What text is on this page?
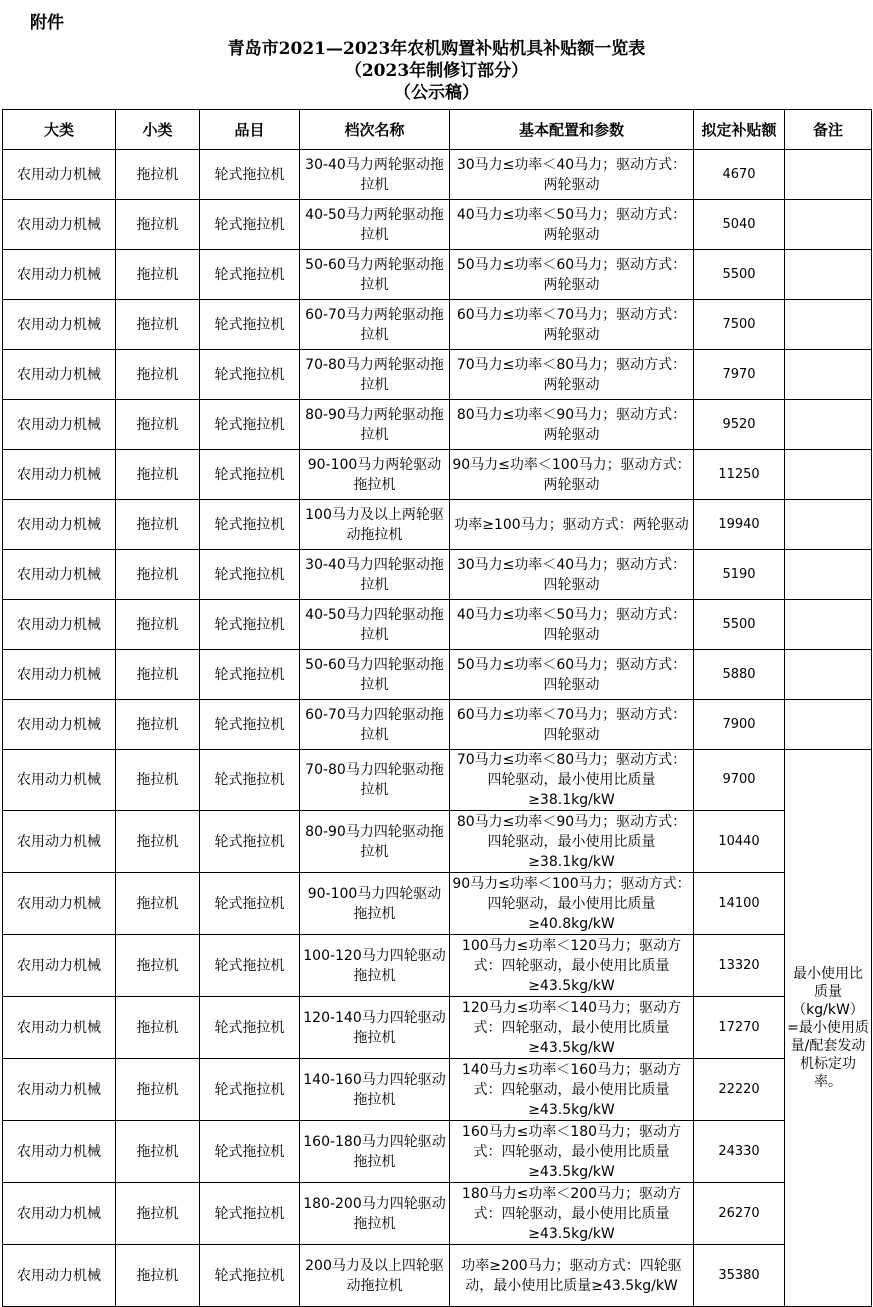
附件
青岛市2021—2023年农机购置补贴机具补贴额一览表
（2023年制修订部分）
（公示稿）
大类	小类	品目	档次名称	基本配置和参数	拟定补贴额	备注
农用动力机械	拖拉机	轮式拖拉机	30-40马力两轮驱动拖拉机	30马力≤功率＜40马力；驱动方式：两轮驱动	4670	
农用动力机械	拖拉机	轮式拖拉机	40-50马力两轮驱动拖拉机	40马力≤功率＜50马力；驱动方式：两轮驱动	5040	
农用动力机械	拖拉机	轮式拖拉机	50-60马力两轮驱动拖拉机	50马力≤功率＜60马力；驱动方式：两轮驱动	5500	
农用动力机械	拖拉机	轮式拖拉机	60-70马力两轮驱动拖拉机	60马力≤功率＜70马力；驱动方式：两轮驱动	7500	
农用动力机械	拖拉机	轮式拖拉机	70-80马力两轮驱动拖拉机	70马力≤功率＜80马力；驱动方式：两轮驱动	7970	
农用动力机械	拖拉机	轮式拖拉机	80-90马力两轮驱动拖拉机	80马力≤功率＜90马力；驱动方式：两轮驱动	9520	
农用动力机械	拖拉机	轮式拖拉机	90-100马力两轮驱动拖拉机	90马力≤功率＜100马力；驱动方式：两轮驱动	11250	
农用动力机械	拖拉机	轮式拖拉机	100马力及以上两轮驱动拖拉机	功率≥100马力；驱动方式：两轮驱动	19940	
农用动力机械	拖拉机	轮式拖拉机	30-40马力四轮驱动拖拉机	30马力≤功率＜40马力；驱动方式：四轮驱动	5190	
农用动力机械	拖拉机	轮式拖拉机	40-50马力四轮驱动拖拉机	40马力≤功率＜50马力；驱动方式：四轮驱动	5500	
农用动力机械	拖拉机	轮式拖拉机	50-60马力四轮驱动拖拉机	50马力≤功率＜60马力；驱动方式：四轮驱动	5880	
农用动力机械	拖拉机	轮式拖拉机	60-70马力四轮驱动拖拉机	60马力≤功率＜70马力；驱动方式：四轮驱动	7900	
农用动力机械	拖拉机	轮式拖拉机	70-80马力四轮驱动拖拉机	70马力≤功率＜80马力；驱动方式：四轮驱动，最小使用比质量≥38.1kg/kW	9700	最小使用比质量（kg/kW）=最小使用质量/配套发动机标定功率。
农用动力机械	拖拉机	轮式拖拉机	80-90马力四轮驱动拖拉机	80马力≤功率＜90马力；驱动方式：四轮驱动，最小使用比质量≥38.1kg/kW	10440	
农用动力机械	拖拉机	轮式拖拉机	90-100马力四轮驱动拖拉机	90马力≤功率＜100马力；驱动方式：四轮驱动，最小使用比质量≥40.8kg/kW	14100	
农用动力机械	拖拉机	轮式拖拉机	100-120马力四轮驱动拖拉机	100马力≤功率＜120马力；驱动方式：四轮驱动，最小使用比质量≥43.5kg/kW	13320	
农用动力机械	拖拉机	轮式拖拉机	120-140马力四轮驱动拖拉机	120马力≤功率＜140马力；驱动方式：四轮驱动，最小使用比质量≥43.5kg/kW	17270	
农用动力机械	拖拉机	轮式拖拉机	140-160马力四轮驱动拖拉机	140马力≤功率＜160马力；驱动方式：四轮驱动，最小使用比质量≥43.5kg/kW	22220	
农用动力机械	拖拉机	轮式拖拉机	160-180马力四轮驱动拖拉机	160马力≤功率＜180马力；驱动方式：四轮驱动，最小使用比质量≥43.5kg/kW	24330	
农用动力机械	拖拉机	轮式拖拉机	180-200马力四轮驱动拖拉机	180马力≤功率＜200马力；驱动方式：四轮驱动，最小使用比质量≥43.5kg/kW	26270	
农用动力机械	拖拉机	轮式拖拉机	200马力及以上四轮驱动拖拉机	功率≥200马力；驱动方式：四轮驱动，最小使用比质量≥43.5kg/kW	35380	
